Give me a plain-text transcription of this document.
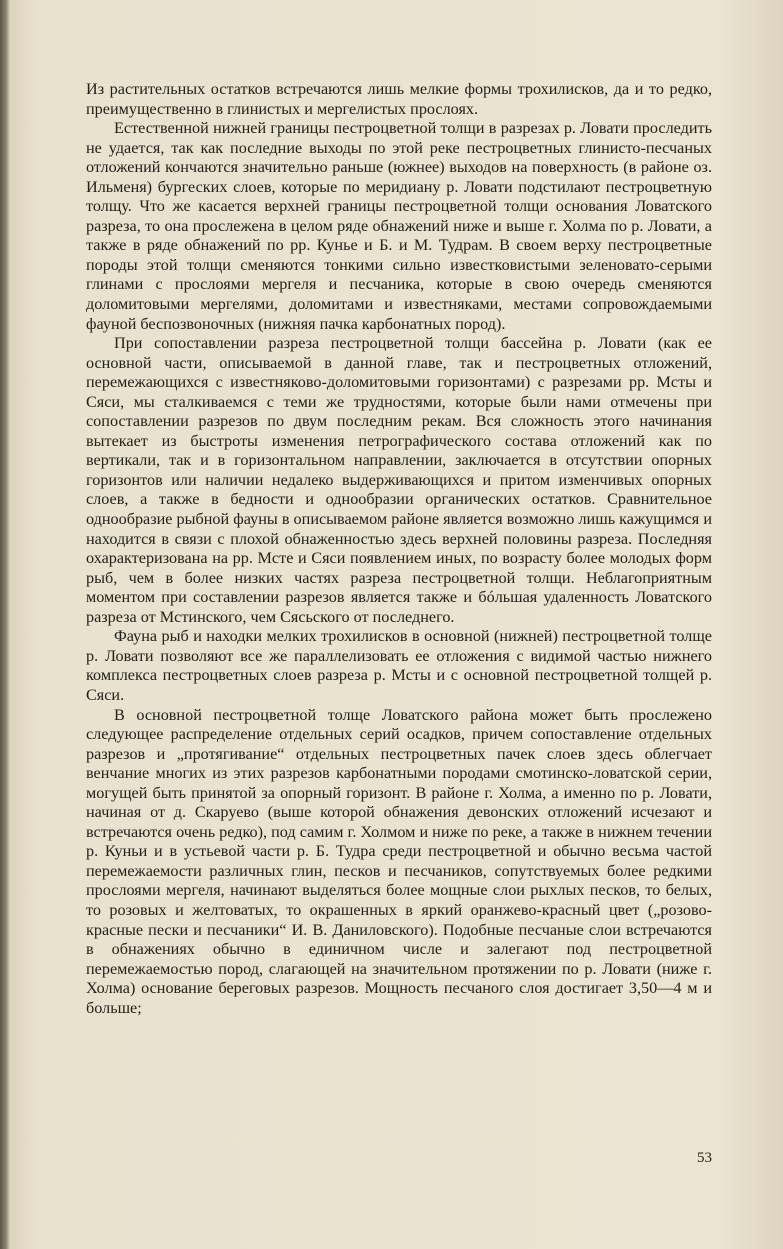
Из растительных остатков встречаются лишь мелкие формы трохилисков, да и то редко, преимущественно в глинистых и мергелистых прослоях.

Естественной нижней границы пестроцветной толщи в разрезах р. Ловати проследить не удается, так как последние выходы по этой реке пестроцветных глинисто-песчаных отложений кончаются значительно раньше (южнее) выходов на поверхность (в районе оз. Ильменя) бургеских слоев, которые по меридиану р. Ловати подстилают пестроцветную толщу. Что же касается верхней границы пестроцветной толщи основания Ловатского разреза, то она прослежена в целом ряде обнажений ниже и выше г. Холма по р. Ловати, а также в ряде обнажений по рр. Кунье и Б. и М. Тудрам. В своем верху пестроцветные породы этой толщи сменяются тонкими сильно известковистыми зеленовато-серыми глинами с прослоями мергеля и песчаника, которые в свою очередь сменяются доломитовыми мергелями, доломитами и известняками, местами сопровождаемыми фауной беспозвоночных (нижняя пачка карбонатных пород).

При сопоставлении разреза пестроцветной толщи бассейна р. Ловати (как ее основной части, описываемой в данной главе, так и пестроцветных отложений, перемежающихся с известняково-доломитовыми горизонтами) с разрезами рр. Мсты и Сяси, мы сталкиваемся с теми же трудностями, которые были нами отмечены при сопоставлении разрезов по двум последним рекам. Вся сложность этого начинания вытекает из быстроты изменения петрографического состава отложений как по вертикали, так и в горизонтальном направлении, заключается в отсутствии опорных горизонтов или наличии недалеко выдерживающихся и притом изменчивых опорных слоев, а также в бедности и однообразии органических остатков. Сравнительное однообразие рыбной фауны в описываемом районе является возможно лишь кажущимся и находится в связи с плохой обнаженностью здесь верхней половины разреза. Последняя охарактеризована на рр. Мсте и Сяси появлением иных, по возрасту более молодых форм рыб, чем в более низких частях разреза пестроцветной толщи. Неблагоприятным моментом при составлении разрезов является также и бóльшая удаленность Ловатского разреза от Мстинского, чем Сясьского от последнего.

Фауна рыб и находки мелких трохилисков в основной (нижней) пестроцветной толще р. Ловати позволяют все же параллелизовать ее отложения с видимой частью нижнего комплекса пестроцветных слоев разреза р. Мсты и с основной пестроцветной толщей р. Сяси.

В основной пестроцветной толще Ловатского района может быть прослежено следующее распределение отдельных серий осадков, причем сопоставление отдельных разрезов и „протягивание“ отдельных пестроцветных пачек слоев здесь облегчает венчание многих из этих разрезов карбонатными породами смотинско-ловатской серии, могущей быть принятой за опорный горизонт. В районе г. Холма, а именно по р. Ловати, начиная от д. Скаруево (выше которой обнажения девонских отложений исчезают и встречаются очень редко), под самим г. Холмом и ниже по реке, а также в нижнем течении р. Куньи и в устьевой части р. Б. Тудра среди пестроцветной и обычно весьма частой перемежаемости различных глин, песков и песчаников, сопутствуемых более редкими прослоями мергеля, начинают выделяться более мощные слои рыхлых песков, то белых, то розовых и желтоватых, то окрашенных в яркий оранжево-красный цвет („розово-красные пески и песчаники“ И. В. Даниловского). Подобные песчаные слои встречаются в обнажениях обычно в единичном числе и залегают под пестроцветной перемежаемостью пород, слагающей на значительном протяжении по р. Ловати (ниже г. Холма) основание береговых разрезов. Мощность песчаного слоя достигает 3,50—4 м и больше;

53
